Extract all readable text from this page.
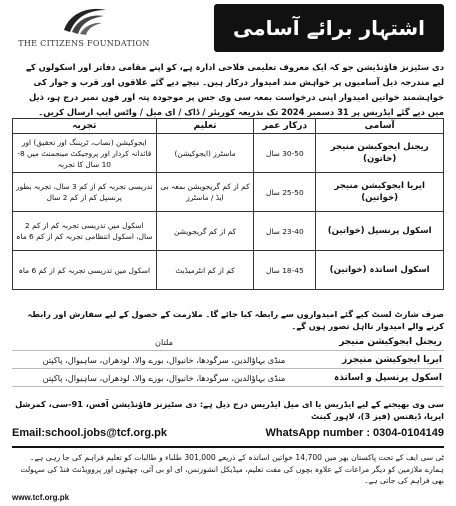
THE CITIZENS FOUNDATION
اشتہار برائے آسامی
دی سٹیزنز فاؤنڈیشن جو کہ ایک معروف تعلیمی فلاحی ادارہ ہے، کو اپنے مقامی دفاتر اور اسکولوں کے لیے مندرجہ ذیل آسامیوں پر خواہش مند امیدوار درکار ہیں۔ نیچے دیے گئے علاقوں اور قرب و جوار کی خواہشمند خواتین امیدوار اپنی درخواست بمعہ سی وی جس پر موجودہ پتہ اور فون نمبر درج ہو، ذیل میں دیے گئے ایڈریس پر 31 دسمبر 2024 تک بذریعہ کوریئر / ڈاک / ای میل / واٹس ایپ ارسال کریں۔
آسامی	درکار عمر	تعلیم	تجربہ
ریجنل ایجوکیشن منیجر (خاتون)	30-50 سال	ماسٹرز (ایجوکیشن)	ایجوکیشن (نصاب، ٹریننگ اور تحقیق) اور قائدانہ کردار اور پروجیکٹ مینجمنٹ میں 8-10 سال کا تجربہ
ایریا ایجوکیشن منیجر (خواتین)	25-50 سال	کم از کم گریجویشن بمعہ بی ایڈ / ماسٹرز	تدریسی تجربہ کم از کم 3 سال، تجربہ بطور پرنسپل کم از کم 2 سال
اسکول پرنسپل (خواتین)	23-40 سال	کم از کم گریجویشن	اسکول میں تدریسی تجربہ کم از کم 2 سال، اسکول انتظامی تجربہ کم از کم 6 ماہ
اسکول اساتذہ (خواتین)	18-45 سال	کم از کم انٹرمیڈیٹ	اسکول میں تدریسی تجربہ کم از کم 6 ماہ
صرف شارٹ لسٹ کیے گئے امیدواروں سے رابطہ کیا جائے گا۔ ملازمت کے حصول کے لیے سفارش اور رابطہ کرنے والے امیدوار نااہل تصور ہوں گے۔
ریجنل ایجوکیشن منیجر
ملتان
ایریا ایجوکیشن منیجرز
منڈی بہاؤالدین، سرگودھا، خانیوال، بورے والا، لودھراں، ساہیوال، پاکپتن
اسکول پرنسپل و اساتذہ
منڈی بہاؤالدین، سرگودھا، خانیوال، بورے والا، لودھراں، ساہیوال، پاکپتن
سی وی بھیجنے کے لیے ایڈریس یا ای میل ایڈریس درج ذیل ہے: دی سٹیزنز فاؤنڈیشن آفس، 91-سی، کمرشل ایریا، ڈیفنس (فیز 3)، لاہور کینٹ
Email:school.jobs@tcf.org.pk	WhatsApp number : 0304-0104149
ٹی سی ایف کے تحت پاکستان بھر میں 14,700 خواتین اساتذہ کے ذریعے 301,000 طلباء و طالبات کو تعلیم فراہم کی جا رہی ہے۔ ہمارے ملازمین کو دیگر مراعات کے علاوہ بچوں کی مفت تعلیم، میڈیکل انشورنس، ای او بی آئی، چھٹیوں اور پروویڈنٹ فنڈ کی سہولت بھی فراہم کی جاتی ہے۔
www.tcf.org.pk
